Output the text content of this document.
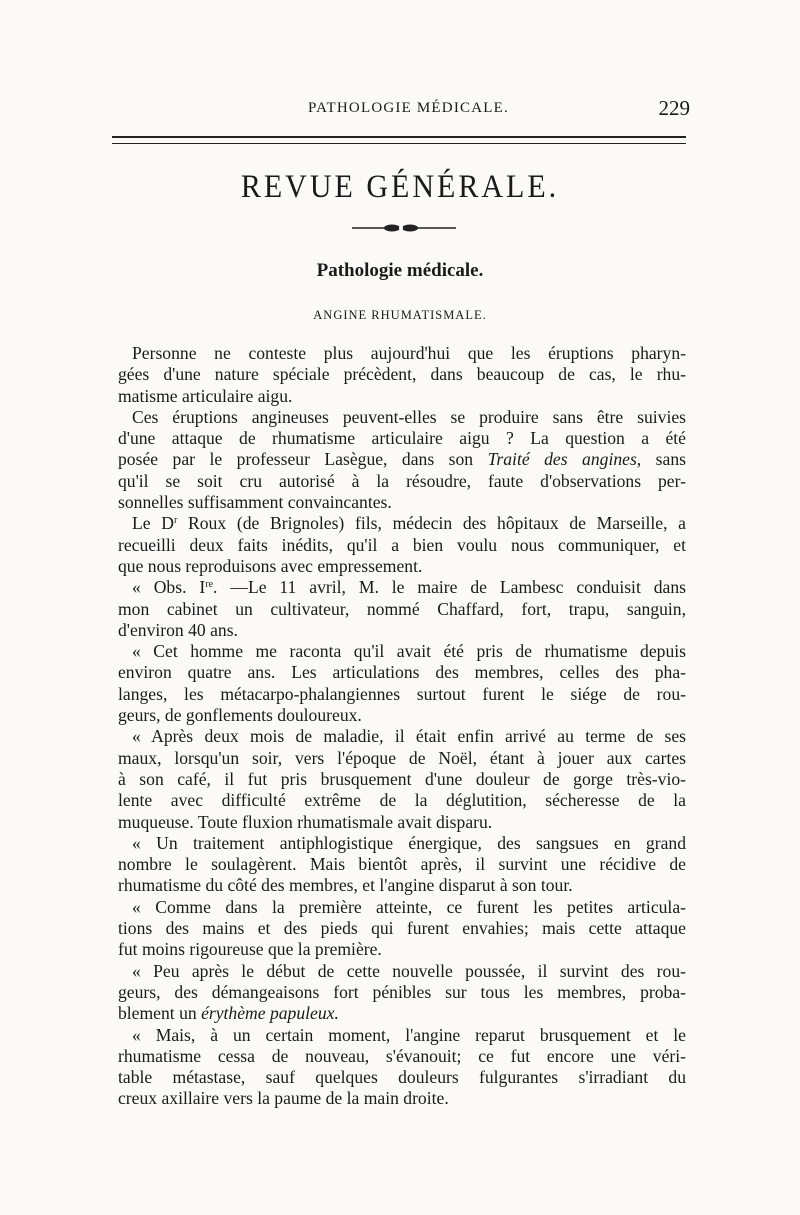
PATHOLOGIE MÉDICALE.	229
REVUE GÉNÉRALE.
Pathologie médicale.
ANGINE RHUMATISMALE.
Personne ne conteste plus aujourd'hui que les éruptions pharyn-
gées d'une nature spéciale précèdent, dans beaucoup de cas, le rhu-
matisme articulaire aigu.
Ces éruptions angineuses peuvent-elles se produire sans être suivies
d'une attaque de rhumatisme articulaire aigu ? La question a été
posée par le professeur Lasègue, dans son Traité des angines, sans
qu'il se soit cru autorisé à la résoudre, faute d'observations per-
sonnelles suffisamment convaincantes.
Le $D^r$ Roux (de Brignoles) fils, médecin des hôpitaux de Marseille, a
recueilli deux faits inédits, qu'il a bien voulu nous communiquer, et
que nous reproduisons avec empressement.
« Obs. Ire. —Le 11 avril, M. le maire de Lambesc conduisit dans
mon cabinet un cultivateur, nommé Chaffard, fort, trapu, sanguin,
d'environ 40 ans.
« Cet homme me raconta qu'il avait été pris de rhumatisme depuis
environ quatre ans. Les articulations des membres, celles des pha-
langes, les métacarpo-phalangiennes surtout furent le siége de rou-
geurs, de gonflements douloureux.
« Après deux mois de maladie, il était enfin arrivé au terme de ses
maux, lorsqu'un soir, vers l'époque de Noël, étant à jouer aux cartes
à son café, il fut pris brusquement d'une douleur de gorge très-vio-
lente avec difficulté extrême de la déglutition, sécheresse de la
muqueuse. Toute fluxion rhumatismale avait disparu.
« Un traitement antiphlogistique énergique, des sangsues en grand
nombre le soulagèrent. Mais bientôt après, il survint une récidive de
rhumatisme du côté des membres, et l'angine disparut à son tour.
« Comme dans la première atteinte, ce furent les petites articula-
tions des mains et des pieds qui furent envahies; mais cette attaque
fut moins rigoureuse que la première.
« Peu après le début de cette nouvelle poussée, il survint des rou-
geurs, des démangeaisons fort pénibles sur tous les membres, proba-
blement un érythème papuleux.
« Mais, à un certain moment, l'angine reparut brusquement et le
rhumatisme cessa de nouveau, s'évanouit; ce fut encore une véri-
table métastase, sauf quelques douleurs fulgurantes s'irradiant du
creux axillaire vers la paume de la main droite.
